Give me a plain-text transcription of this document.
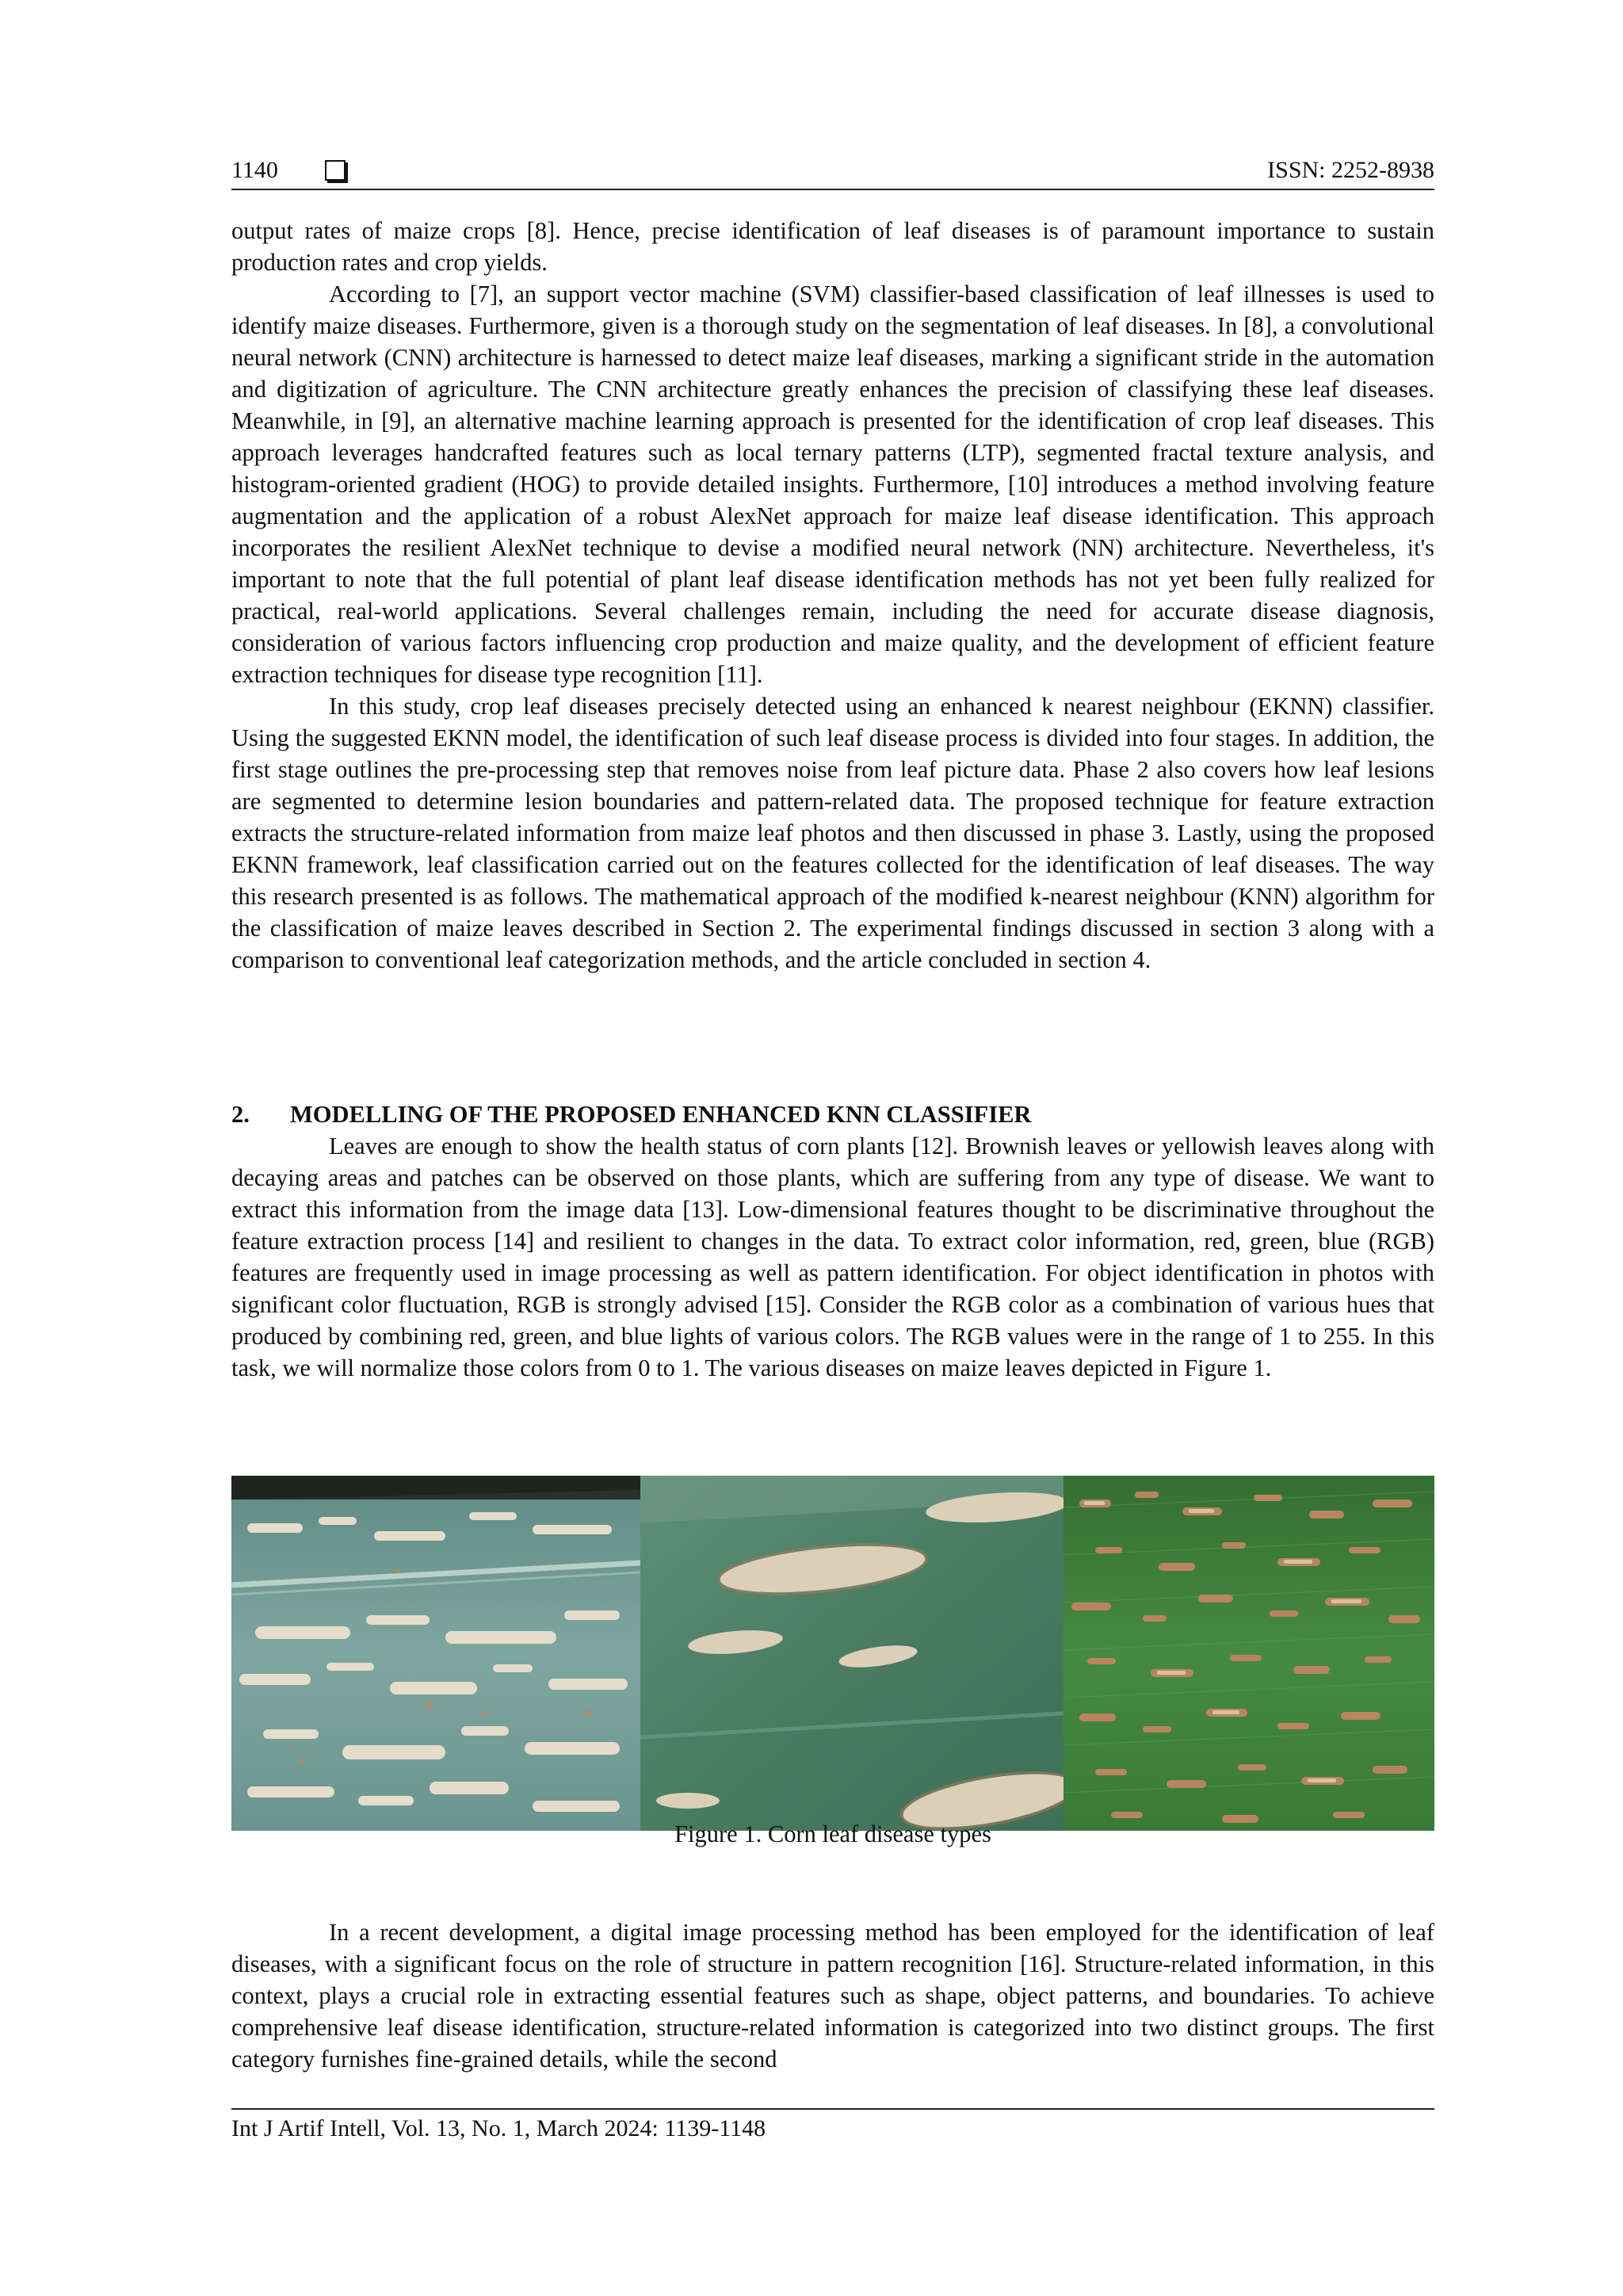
1140	ISSN: 2252-8938

output rates of maize crops [8]. Hence, precise identification of leaf diseases is of paramount importance to sustain production rates and crop yields.

According to [7], an support vector machine (SVM) classifier-based classification of leaf illnesses is used to identify maize diseases. Furthermore, given is a thorough study on the segmentation of leaf diseases. In [8], a convolutional neural network (CNN) architecture is harnessed to detect maize leaf diseases, marking a significant stride in the automation and digitization of agriculture. The CNN architecture greatly enhances the precision of classifying these leaf diseases. Meanwhile, in [9], an alternative machine learning approach is presented for the identification of crop leaf diseases. This approach leverages handcrafted features such as local ternary patterns (LTP), segmented fractal texture analysis, and histogram-oriented gradient (HOG) to provide detailed insights. Furthermore, [10] introduces a method involving feature augmentation and the application of a robust AlexNet approach for maize leaf disease identification. This approach incorporates the resilient AlexNet technique to devise a modified neural network (NN) architecture. Nevertheless, it's important to note that the full potential of plant leaf disease identification methods has not yet been fully realized for practical, real-world applications. Several challenges remain, including the need for accurate disease diagnosis, consideration of various factors influencing crop production and maize quality, and the development of efficient feature extraction techniques for disease type recognition [11].

In this study, crop leaf diseases precisely detected using an enhanced k nearest neighbour (EKNN) classifier. Using the suggested EKNN model, the identification of such leaf disease process is divided into four stages. In addition, the first stage outlines the pre-processing step that removes noise from leaf picture data. Phase 2 also covers how leaf lesions are segmented to determine lesion boundaries and pattern-related data. The proposed technique for feature extraction extracts the structure-related information from maize leaf photos and then discussed in phase 3. Lastly, using the proposed EKNN framework, leaf classification carried out on the features collected for the identification of leaf diseases. The way this research presented is as follows. The mathematical approach of the modified k-nearest neighbour (KNN) algorithm for the classification of maize leaves described in Section 2. The experimental findings discussed in section 3 along with a comparison to conventional leaf categorization methods, and the article concluded in section 4.

2. MODELLING OF THE PROPOSED ENHANCED KNN CLASSIFIER

Leaves are enough to show the health status of corn plants [12]. Brownish leaves or yellowish leaves along with decaying areas and patches can be observed on those plants, which are suffering from any type of disease. We want to extract this information from the image data [13]. Low-dimensional features thought to be discriminative throughout the feature extraction process [14] and resilient to changes in the data. To extract color information, red, green, blue (RGB) features are frequently used in image processing as well as pattern identification. For object identification in photos with significant color fluctuation, RGB is strongly advised [15]. Consider the RGB color as a combination of various hues that produced by combining red, green, and blue lights of various colors. The RGB values were in the range of 1 to 255. In this task, we will normalize those colors from 0 to 1. The various diseases on maize leaves depicted in Figure 1.

Figure 1. Corn leaf disease types

In a recent development, a digital image processing method has been employed for the identification of leaf diseases, with a significant focus on the role of structure in pattern recognition [16]. Structure-related information, in this context, plays a crucial role in extracting essential features such as shape, object patterns, and boundaries. To achieve comprehensive leaf disease identification, structure-related information is categorized into two distinct groups. The first category furnishes fine-grained details, while the second

Int J Artif Intell, Vol. 13, No. 1, March 2024: 1139-1148
